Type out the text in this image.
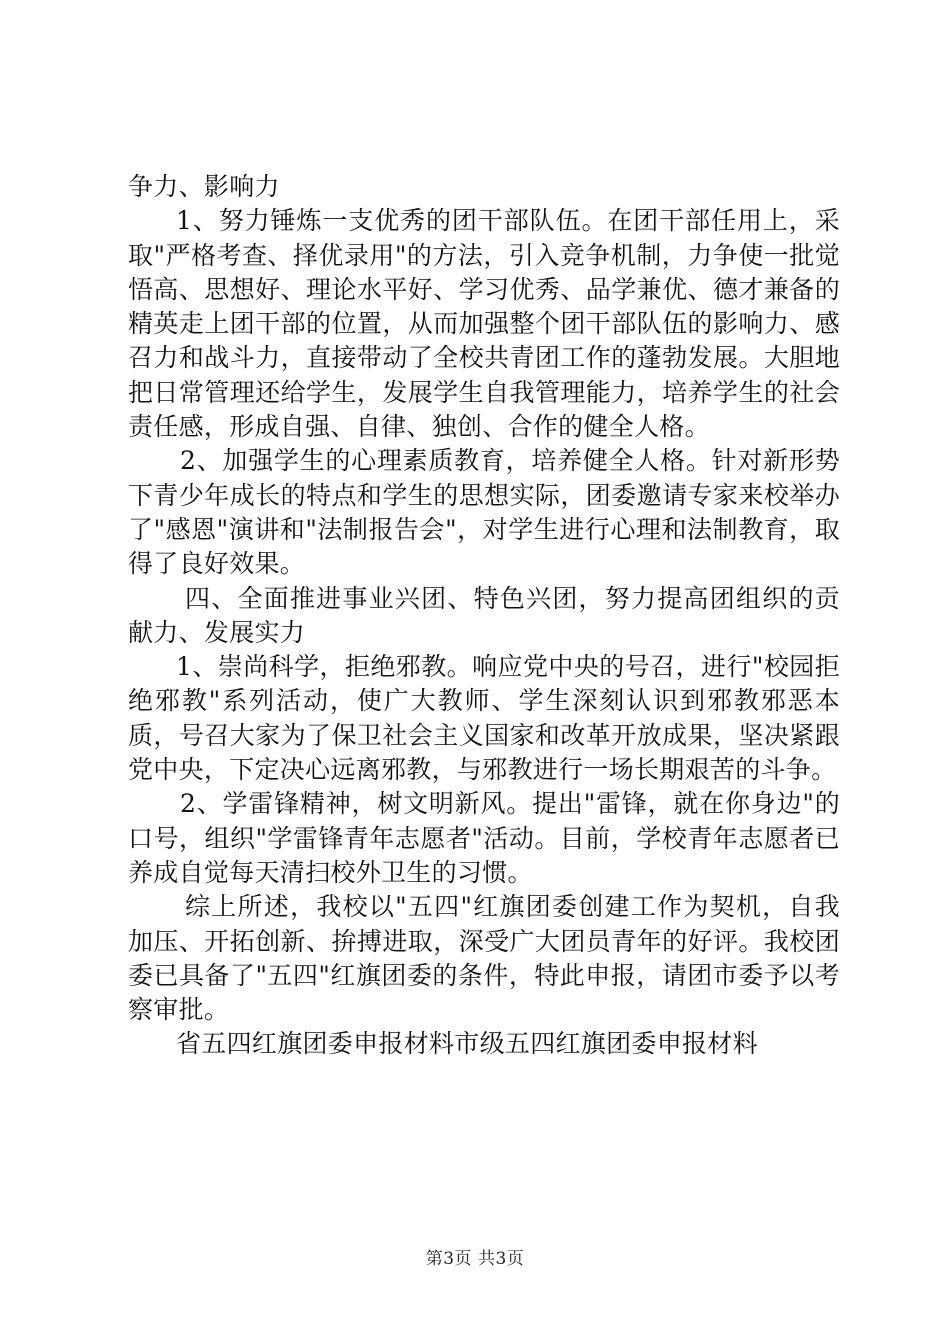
争力、影响力

1、努力锤炼一支优秀的团干部队伍。在团干部任用上，采取"严格考查、择优录用"的方法，引入竞争机制，力争使一批觉悟高、思想好、理论水平好、学习优秀、品学兼优、德才兼备的精英走上团干部的位置，从而加强整个团干部队伍的影响力、感召力和战斗力，直接带动了全校共青团工作的蓬勃发展。大胆地把日常管理还给学生，发展学生自我管理能力，培养学生的社会责任感，形成自强、自律、独创、合作的健全人格。

2、加强学生的心理素质教育，培养健全人格。针对新形势下青少年成长的特点和学生的思想实际，团委邀请专家来校举办了"感恩"演讲和"法制报告会"，对学生进行心理和法制教育，取得了良好效果。

四、全面推进事业兴团、特色兴团，努力提高团组织的贡献力、发展实力

1、崇尚科学，拒绝邪教。响应党中央的号召，进行"校园拒绝邪教"系列活动，使广大教师、学生深刻认识到邪教邪恶本质，号召大家为了保卫社会主义国家和改革开放成果，坚决紧跟党中央，下定决心远离邪教，与邪教进行一场长期艰苦的斗争。

2、学雷锋精神，树文明新风。提出"雷锋，就在你身边"的口号，组织"学雷锋青年志愿者"活动。目前，学校青年志愿者已养成自觉每天清扫校外卫生的习惯。

综上所述，我校以"五四"红旗团委创建工作为契机，自我加压、开拓创新、拚搏进取，深受广大团员青年的好评。我校团委已具备了"五四"红旗团委的条件，特此申报，请团市委予以考察审批。

省五四红旗团委申报材料市级五四红旗团委申报材料

第3页 共3页
